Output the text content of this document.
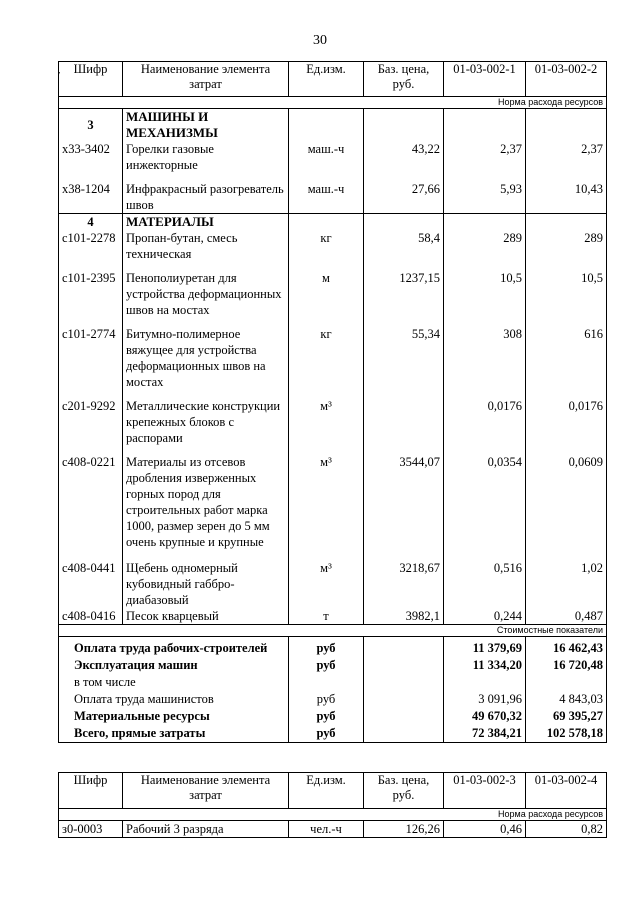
30
ʹ Шифр	Наименование элемента затрат	Ед.изм.	Баз. цена, руб.	01-03-002-1	01-03-002-2
Норма расхода ресурсов					
3	МАШИНЫ И МЕХАНИЗМЫ				
х33-3402	Горелки газовые инжекторные	маш.-ч	43,22	2,37	2,37
х38-1204	Инфракрасный разогреватель швов	маш.-ч	27,66	5,93	10,43
4	МАТЕРИАЛЫ				
с101-2278	Пропан-бутан, смесь техническая	кг	58,4	289	289
с101-2395	Пенополиуретан для устройства деформационных швов на мостах	м	1237,15	10,5	10,5
с101-2774	Битумно-полимерное вяжущее для устройства деформационных швов на мостах	кг	55,34	308	616
с201-9292	Металлические конструкции крепежных блоков с распорами	м³		0,0176	0,0176
с408-0221	Материалы из отсевов дробления изверженных горных пород для строительных работ марка 1000, размер зерен до 5 мм очень крупные и крупные	м³	3544,07	0,0354	0,0609
с408-0441	Щебень одномерный кубовидный габбро-диабазовый	м³	3218,67	0,516	1,02
с408-0416	Песок кварцевый	т	3982,1	0,244	0,487
Стоимостные показатели					
Оплата труда рабочих-строителей		руб		11 379,69	16 462,43
Эксплуатация машин		руб		11 334,20	16 720,48
в том числе					
Оплата труда машинистов		руб		3 091,96	4 843,03
Материальные ресурсы		руб		49 670,32	69 395,27
Всего, прямые затраты		руб		72 384,21	102 578,18
Шифр	Наименование элемента затрат	Ед.изм.	Баз. цена, руб.	01-03-002-3	01-03-002-4
Норма расхода ресурсов					
з0-0003	Рабочий 3 разряда	чел.-ч	126,26	0,46	0,82
